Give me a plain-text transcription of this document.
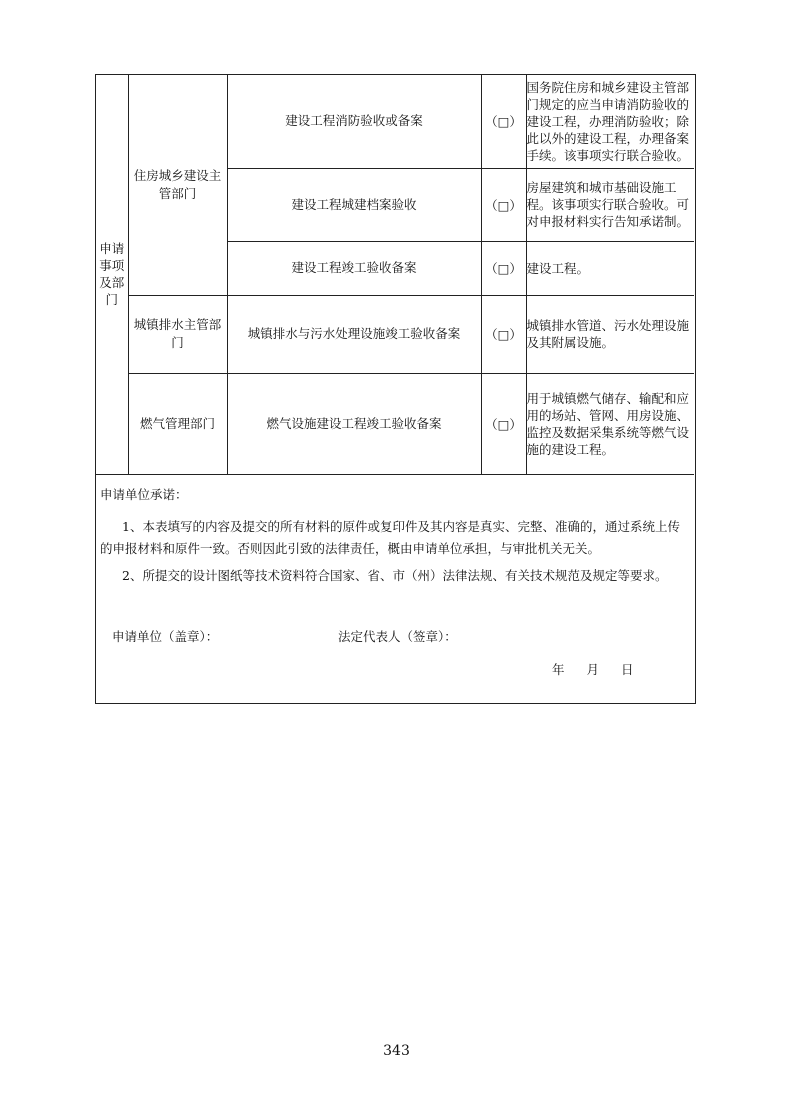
申请事项及部门	住房城乡建设主管部门	建设工程消防验收或备案	（□）	国务院住房和城乡建设主管部门规定的应当申请消防验收的建设工程，办理消防验收；除此以外的建设工程，办理备案手续。该事项实行联合验收。
		建设工程城建档案验收	（□）	房屋建筑和城市基础设施工程。该事项实行联合验收。可对申报材料实行告知承诺制。
		建设工程竣工验收备案	（□）	建设工程。
	城镇排水主管部门	城镇排水与污水处理设施竣工验收备案	（□）	城镇排水管道、污水处理设施及其附属设施。
	燃气管理部门	燃气设施建设工程竣工验收备案	（□）	用于城镇燃气储存、输配和应用的场站、管网、用房设施、监控及数据采集系统等燃气设施的建设工程。
申请单位承诺：
1、本表填写的内容及提交的所有材料的原件或复印件及其内容是真实、完整、准确的，通过系统上传的申报材料和原件一致。否则因此引致的法律责任，概由申请单位承担，与审批机关无关。
2、所提交的设计图纸等技术资料符合国家、省、市（州）法律法规、有关技术规范及规定等要求。
申请单位（盖章）：	法定代表人（签章）：
年 月 日
343
